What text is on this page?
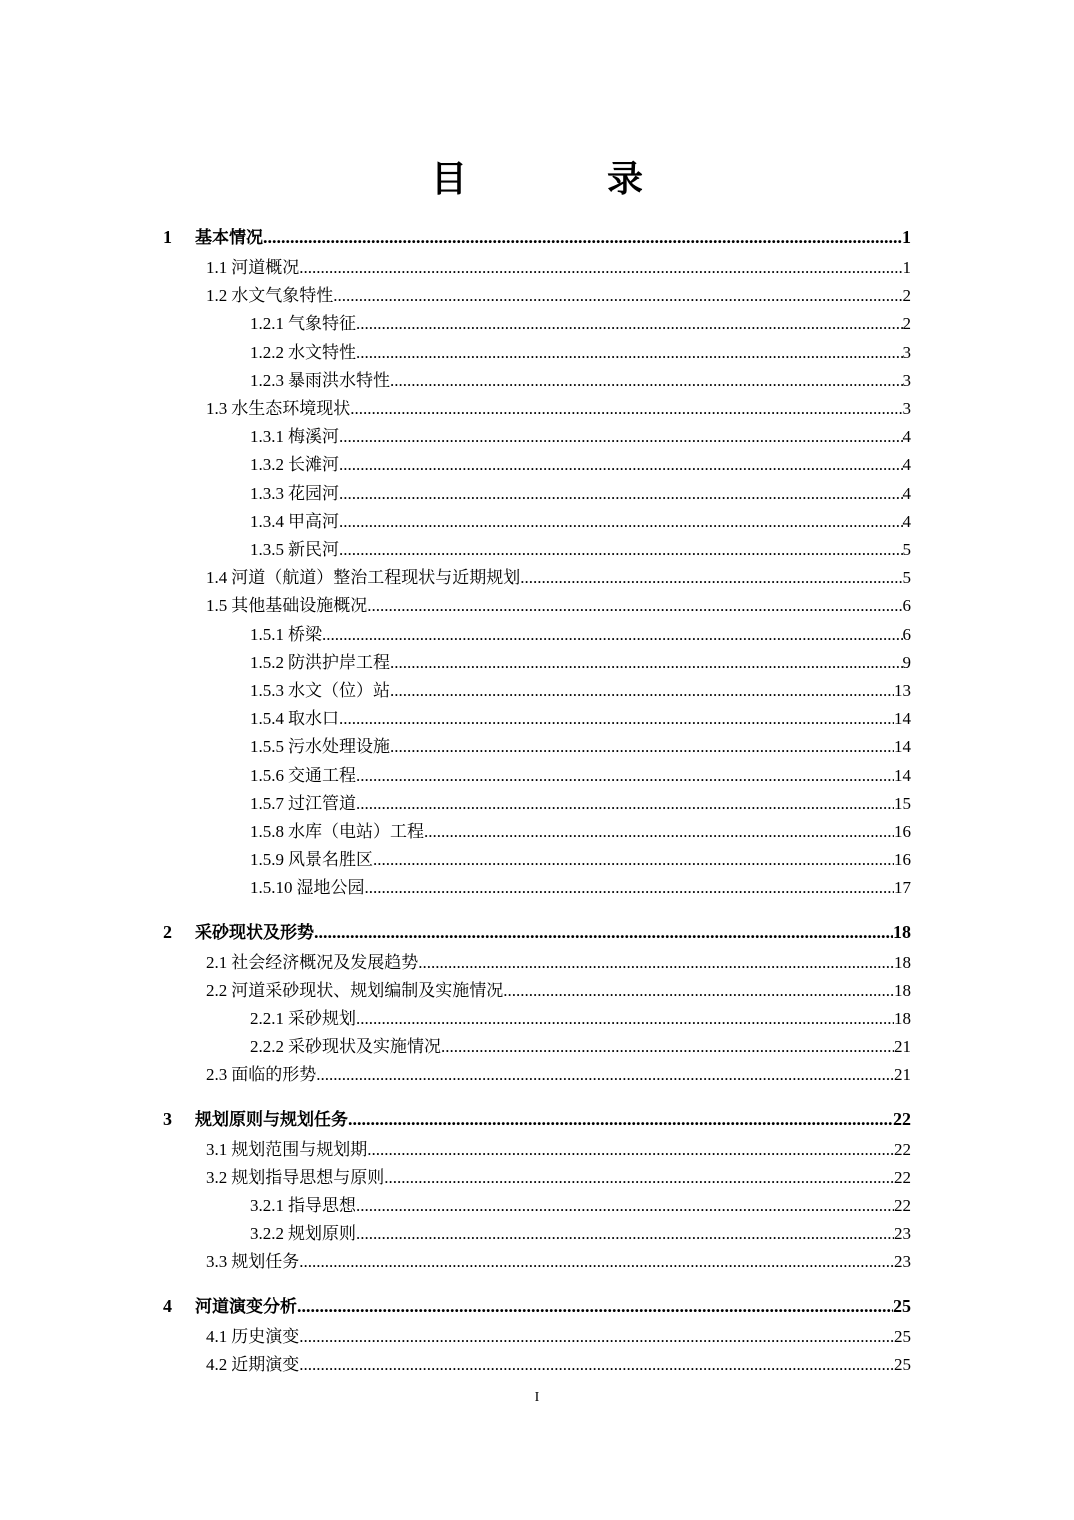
目　录
1	基本情况 .....	1
1.1 河道概况 .....	1
1.2 水文气象特性 .....	2
1.2.1 气象特征 .....	2
1.2.2 水文特性 .....	3
1.2.3 暴雨洪水特性 .....	3
1.3 水生态环境现状 .....	3
1.3.1 梅溪河 .....	4
1.3.2 长滩河 .....	4
1.3.3 花园河 .....	4
1.3.4 甲高河 .....	4
1.3.5 新民河 .....	5
1.4 河道（航道）整治工程现状与近期规划 .....	5
1.5 其他基础设施概况 .....	6
1.5.1 桥梁 .....	6
1.5.2 防洪护岸工程 .....	9
1.5.3 水文（位）站 .....	13
1.5.4 取水口 .....	14
1.5.5 污水处理设施 .....	14
1.5.6 交通工程 .....	14
1.5.7 过江管道 .....	15
1.5.8 水库（电站）工程 .....	16
1.5.9 风景名胜区 .....	16
1.5.10 湿地公园 .....	17
2	采砂现状及形势 .....	18
2.1 社会经济概况及发展趋势 .....	18
2.2 河道采砂现状、规划编制及实施情况 .....	18
2.2.1 采砂规划 .....	18
2.2.2 采砂现状及实施情况 .....	21
2.3 面临的形势 .....	21
3	规划原则与规划任务 .....	22
3.1 规划范围与规划期 .....	22
3.2 规划指导思想与原则 .....	22
3.2.1 指导思想 .....	22
3.2.2 规划原则 .....	23
3.3 规划任务 .....	23
4	河道演变分析 .....	25
4.1 历史演变 .....	25
4.2 近期演变 .....	25
I
